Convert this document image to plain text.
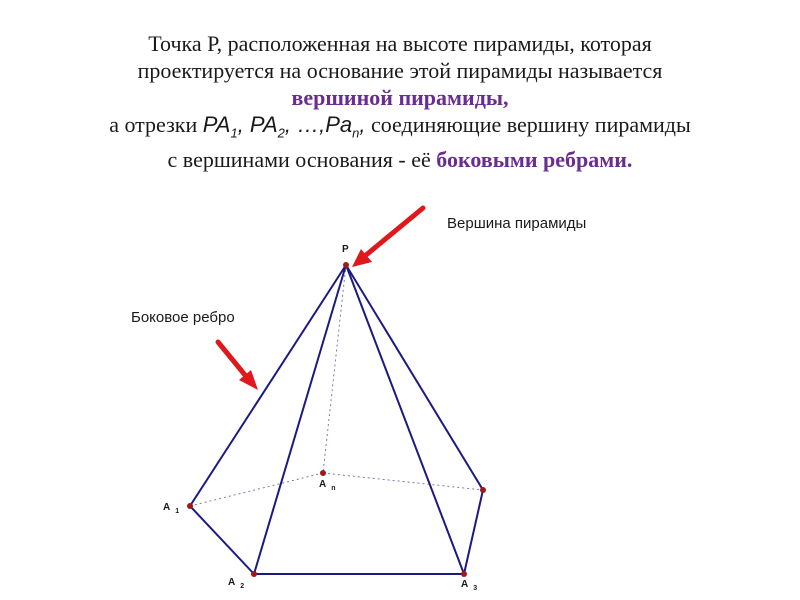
Точка Р, расположенная на высоте пирамиды, которая
проектируется на основание этой пирамиды называется
вершиной пирамиды,
а отрезки $PA_1$, $PA_2$, $\dots,Pa_n$, соединяющие вершину пирамиды
с вершинами основания - её боковыми ребрами.
P
A $_1$
A $_2$	A $_3$
A $_n$
Вершина пирамиды
Боковое ребро
